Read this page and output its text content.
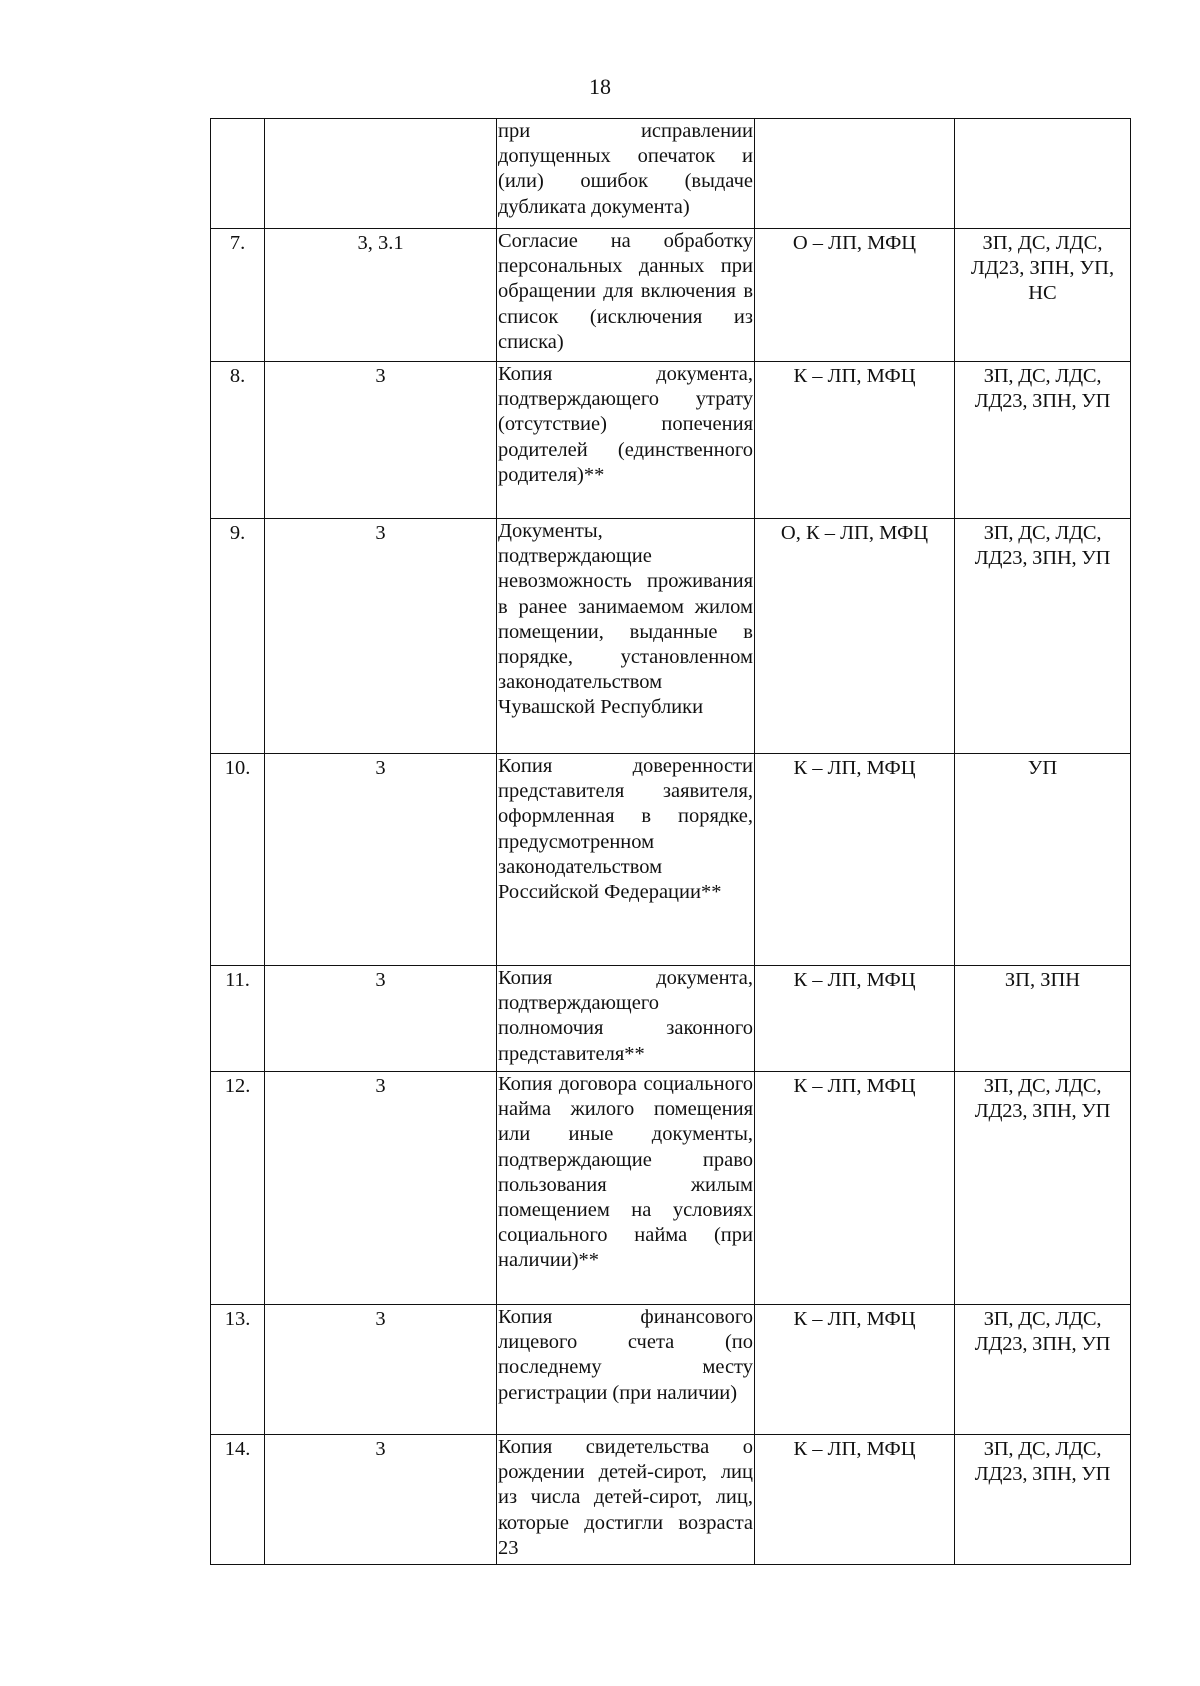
18
		при исправлении допущенных опечаток и (или) ошибок (выдаче дубликата документа)		
7.	3, 3.1	Согласие на обработку персональных данных при обращении для включения в список (исключения из списка)	О – ЛП, МФЦ	ЗП, ДС, ЛДС, ЛД23, ЗПН, УП, НС
8.	3	Копия документа, подтверждающего утрату (отсутствие) попечения родителей (единственного родителя)**	К – ЛП, МФЦ	ЗП, ДС, ЛДС, ЛД23, ЗПН, УП
9.	3	Документы, подтверждающие невозможность проживания в ранее занимаемом жилом помещении, выданные в порядке, установленном законодательством Чувашской Республики	О, К – ЛП, МФЦ	ЗП, ДС, ЛДС, ЛД23, ЗПН, УП
10.	3	Копия доверенности представителя заявителя, оформленная в порядке, предусмотренном законодательством Российской Федерации**	К – ЛП, МФЦ	УП
11.	3	Копия документа, подтверждающего полномочия законного представителя**	К – ЛП, МФЦ	ЗП, ЗПН
12.	3	Копия договора социального найма жилого помещения или иные документы, подтверждающие право пользования жилым помещением на условиях социального найма (при наличии)**	К – ЛП, МФЦ	ЗП, ДС, ЛДС, ЛД23, ЗПН, УП
13.	3	Копия финансового лицевого счета (по последнему месту регистрации (при наличии)	К – ЛП, МФЦ	ЗП, ДС, ЛДС, ЛД23, ЗПН, УП
14.	3	Копия свидетельства о рождении детей-сирот, лиц из числа детей-сирот, лиц, которые достигли возраста 23	К – ЛП, МФЦ	ЗП, ДС, ЛДС, ЛД23, ЗПН, УП
